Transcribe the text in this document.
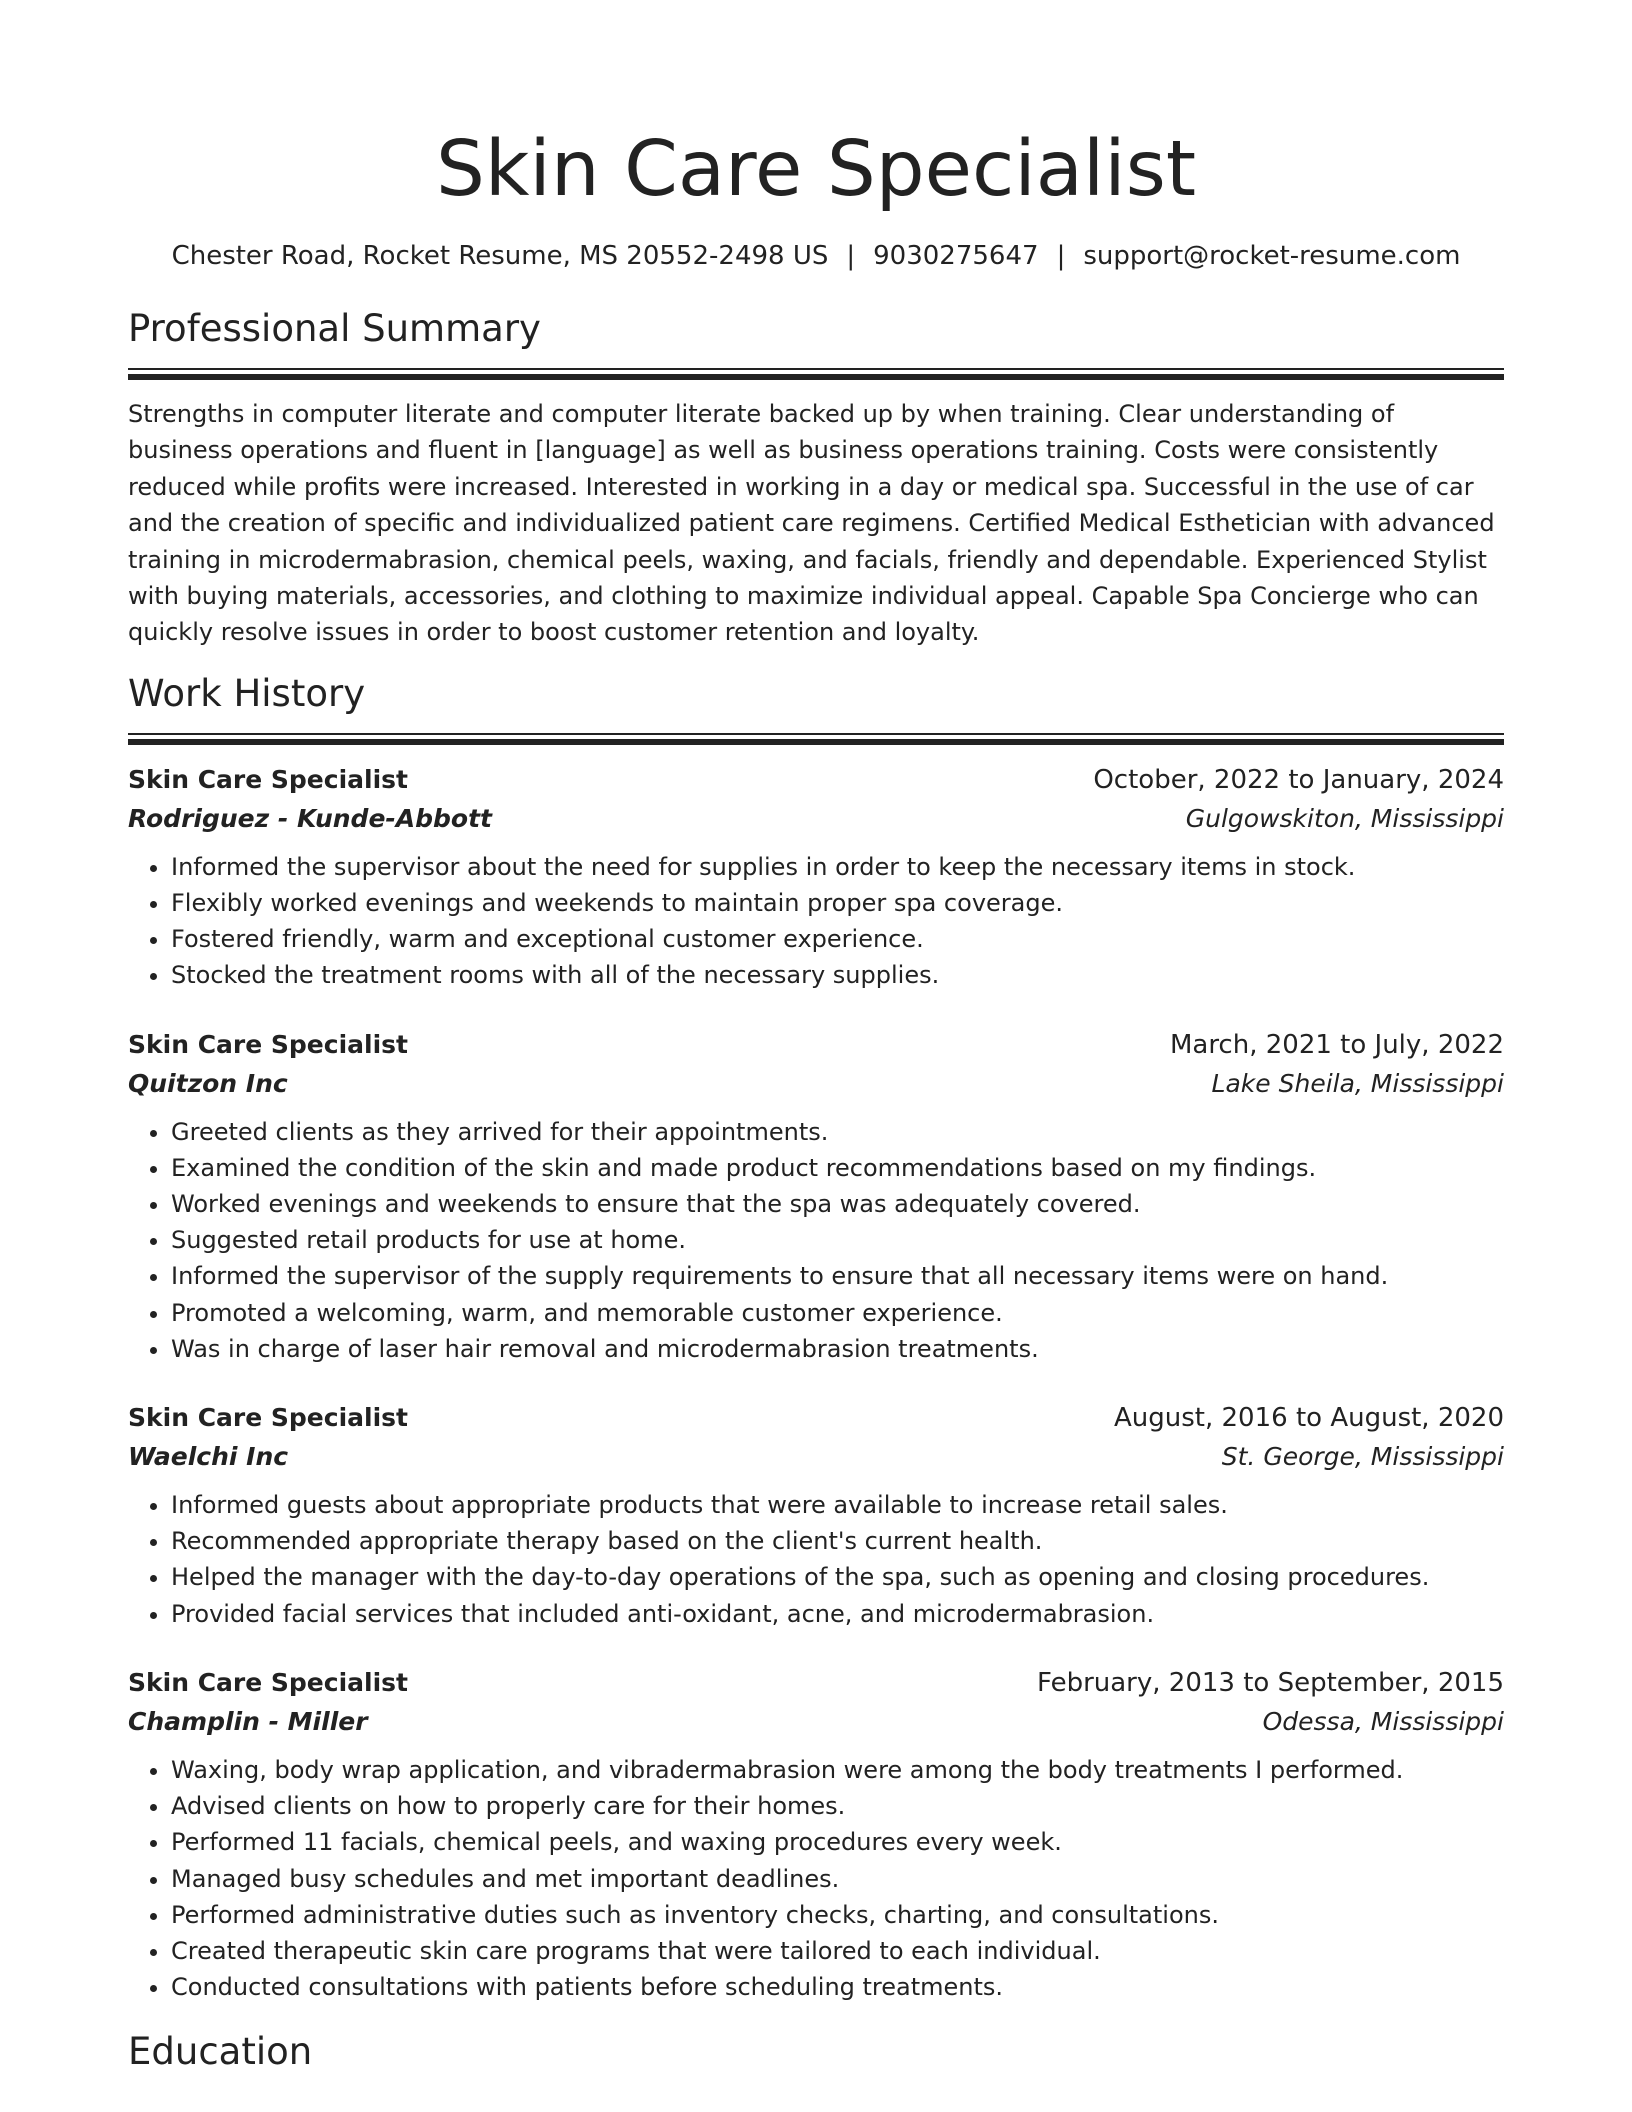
Skin Care Specialist
Chester Road, Rocket Resume, MS 20552-2498 US | 9030275647 | support@rocket-resume.com
Professional Summary
Strengths in computer literate and computer literate backed up by when training. Clear understanding of business operations and fluent in [language] as well as business operations training. Costs were consistently reduced while profits were increased. Interested in working in a day or medical spa. Successful in the use of car and the creation of specific and individualized patient care regimens. Certified Medical Esthetician with advanced training in microdermabrasion, chemical peels, waxing, and facials, friendly and dependable. Experienced Stylist with buying materials, accessories, and clothing to maximize individual appeal. Capable Spa Concierge who can quickly resolve issues in order to boost customer retention and loyalty.
Work History
Skin Care Specialist	October, 2022 to January, 2024
Rodriguez - Kunde-Abbott	Gulgowskiton, Mississippi
• Informed the supervisor about the need for supplies in order to keep the necessary items in stock.
• Flexibly worked evenings and weekends to maintain proper spa coverage.
• Fostered friendly, warm and exceptional customer experience.
• Stocked the treatment rooms with all of the necessary supplies.
Skin Care Specialist	March, 2021 to July, 2022
Quitzon Inc	Lake Sheila, Mississippi
• Greeted clients as they arrived for their appointments.
• Examined the condition of the skin and made product recommendations based on my findings.
• Worked evenings and weekends to ensure that the spa was adequately covered.
• Suggested retail products for use at home.
• Informed the supervisor of the supply requirements to ensure that all necessary items were on hand.
• Promoted a welcoming, warm, and memorable customer experience.
• Was in charge of laser hair removal and microdermabrasion treatments.
Skin Care Specialist	August, 2016 to August, 2020
Waelchi Inc	St. George, Mississippi
• Informed guests about appropriate products that were available to increase retail sales.
• Recommended appropriate therapy based on the client's current health.
• Helped the manager with the day-to-day operations of the spa, such as opening and closing procedures.
• Provided facial services that included anti-oxidant, acne, and microdermabrasion.
Skin Care Specialist	February, 2013 to September, 2015
Champlin - Miller	Odessa, Mississippi
• Waxing, body wrap application, and vibradermabrasion were among the body treatments I performed.
• Advised clients on how to properly care for their homes.
• Performed 11 facials, chemical peels, and waxing procedures every week.
• Managed busy schedules and met important deadlines.
• Performed administrative duties such as inventory checks, charting, and consultations.
• Created therapeutic skin care programs that were tailored to each individual.
• Conducted consultations with patients before scheduling treatments.
Education
